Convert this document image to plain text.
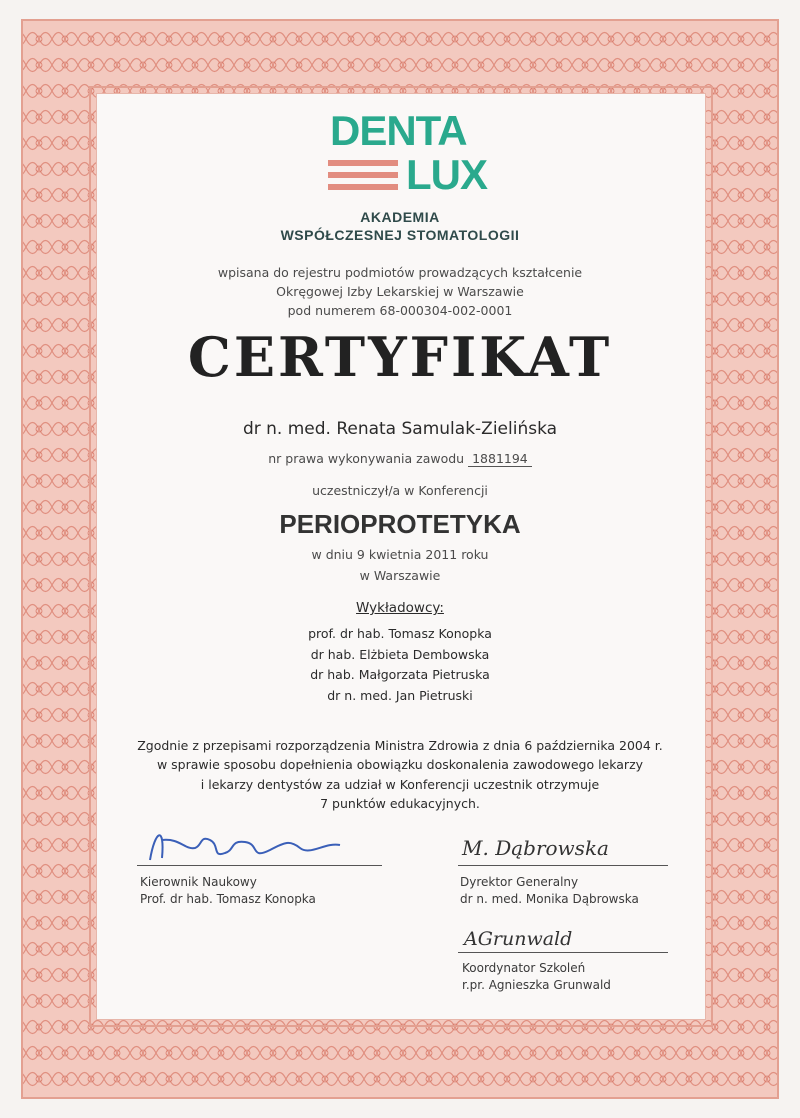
DENTA
LUX
AKADEMIA
WSPÓŁCZESNEJ STOMATOLOGII
wpisana do rejestru podmiotów prowadzących kształcenie
Okręgowej Izby Lekarskiej w Warszawie
pod numerem 68-000304-002-0001
CERTYFIKAT
dr n. med. Renata Samulak-Zielińska
nr prawa wykonywania zawodu 1881194
uczestniczył/a w Konferencji
PERIOPROTETYKA
w dniu 9 kwietnia 2011 roku
w Warszawie
Wykładowcy:
prof. dr hab. Tomasz Konopka
dr hab. Elżbieta Dembowska
dr hab. Małgorzata Pietruska
dr n. med. Jan Pietruski
Zgodnie z przepisami rozporządzenia Ministra Zdrowia z dnia 6 października 2004 r.
w sprawie sposobu dopełnienia obowiązku doskonalenia zawodowego lekarzy
i lekarzy dentystów za udział w Konferencji uczestnik otrzymuje
7 punktów edukacyjnych.
Kierownik Naukowy
Prof. dr hab. Tomasz Konopka
M. Dąbrowska
Dyrektor Generalny
dr n. med. Monika Dąbrowska
AGrunwald
Koordynator Szkoleń
r.pr. Agnieszka Grunwald
